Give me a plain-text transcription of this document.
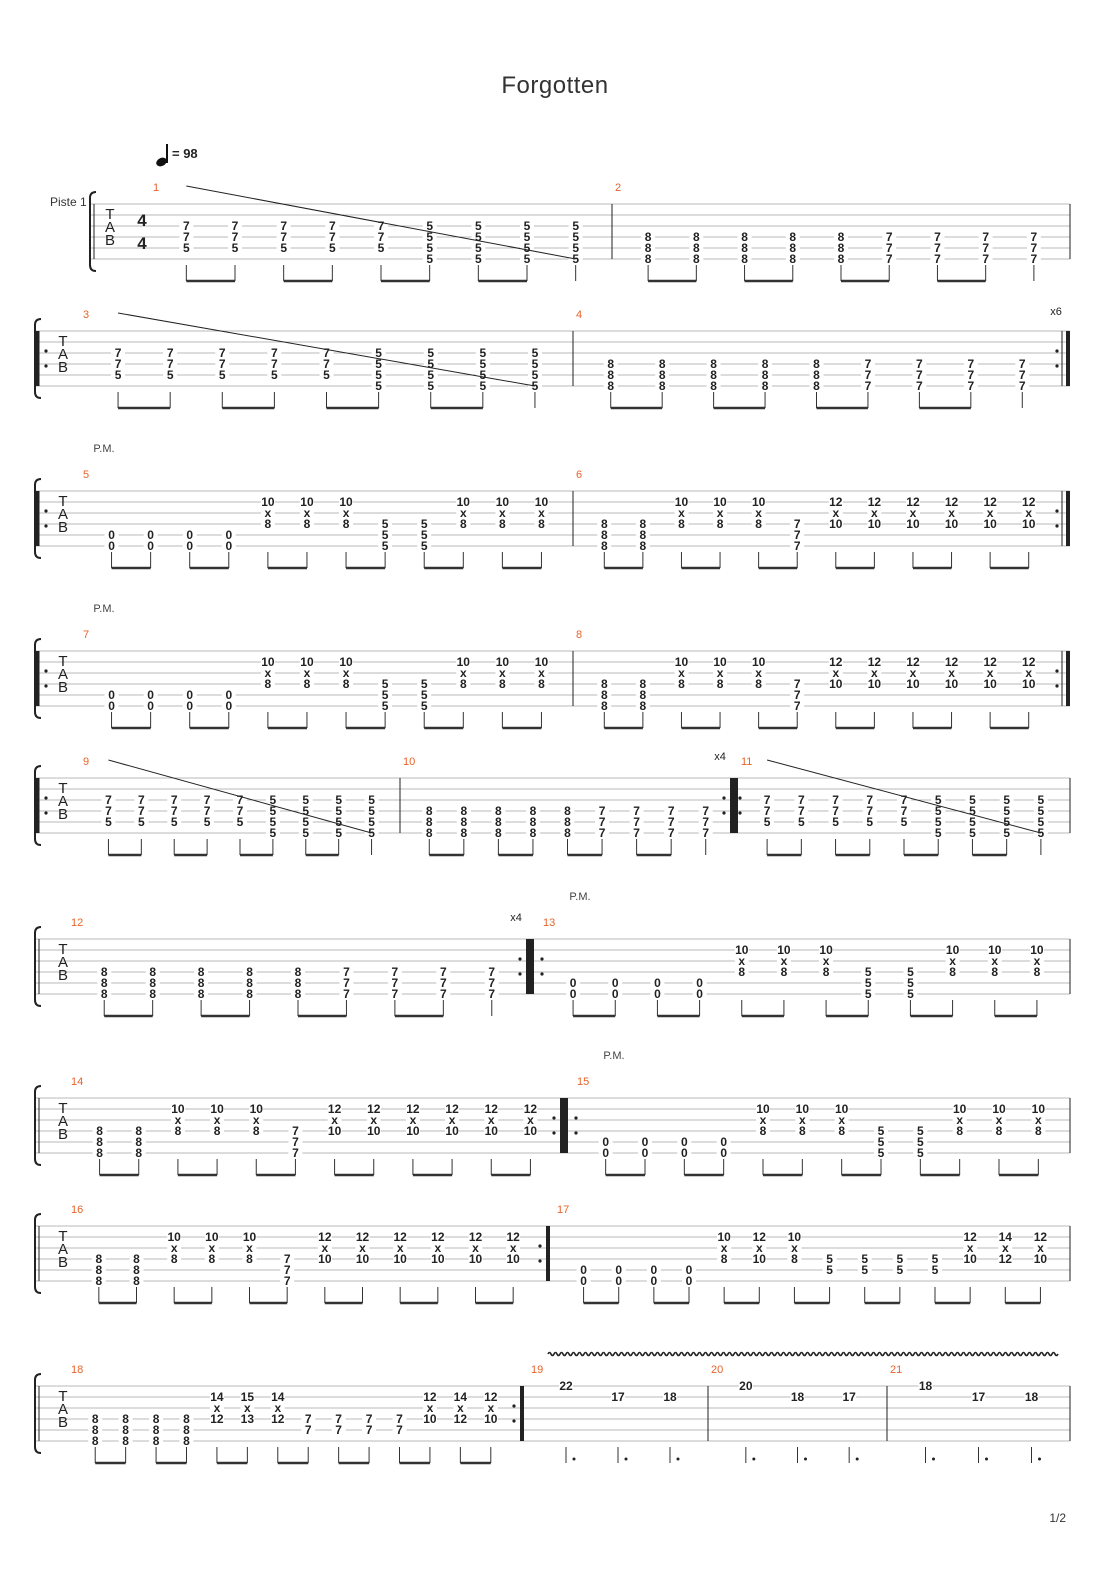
Forgotten
= 98
Piste 1
T
A
B
4
4
1
7
7
5
7
7
5
7
7
5
7
7
5
7
7
5
5
5
5
5
5
5
5
5
5
5
5
5
5
5
5
5
2
8
8
8
8
8
8
8
8
8
8
8
8
8
8
8
7
7
7
7
7
7
7
7
7
7
7
7
T
A
B
x6
3
7
7
5
7
7
5
7
7
5
7
7
5
7
7
5
5
5
5
5
5
5
5
5
5
5
5
5
5
5
5
5
4
8
8
8
8
8
8
8
8
8
8
8
8
8
8
8
7
7
7
7
7
7
7
7
7
7
7
7
T
A
B
P.M.
5
0
0
0
0
0
0
0
0
10
x
8
10
x
8
10
x
8	5
5
5
5
5
5
10
x
8
10
x
8
10
x
8
6
8
8
8
8
8
8
10
x
8
10
x
8
10
x
8	7
7
7
12
x
10
12
x
10
12
x
10
12
x
10
12
x
10
12
x
10
T
A
B
P.M.
7
0
0
0
0
0
0
0
0
10
x
8
10
x
8
10
x
8	5
5
5
5
5
5
10
x
8
10
x
8
10
x
8
8
8
8
8
8
8
8
10
x
8
10
x
8
10
x
8	7
7
7
12
x
10
12
x
10
12
x
10
12
x
10
12
x
10
12
x
10
T
A
B
x4
9
7
7
5
7
7
5
7
7
5
7
7
5
7
7
5
5
5
5
5
5
5
5
5
5
5
5
5
5
5
5
5
10
8
8
8
8
8
8
8
8
8
8
8
8
8
8
8
7
7
7
7
7
7
7
7
7
7
7
7
11
7
7
5
7
7
5
7
7
5
7
7
5
7
7
5
5
5
5
5
5
5
5
5
5
5
5
5
5
5
5
5
T
A
B
x4
P.M.
12
8
8
8
8
8
8
8
8
8
8
8
8
8
8
8
7
7
7
7
7
7
7
7
7
7
7
7
13
0
0
0
0
0
0
0
0
10
x
8
10
x
8
10
x
8	5
5
5
5
5
5
10
x
8
10
x
8
10
x
8
T
A
B
P.M.
14
8
8
8
8
8
8
10
x
8
10
x
8
10
x
8	7
7
7
12
x
10
12
x
10
12
x
10
12
x
10
12
x
10
12
x
10
15
0
0
0
0
0
0
0
0
10
x
8
10
x
8
10
x
8	5
5
5
5
5
5
10
x
8
10
x
8
10
x
8
T
A
B
16
8
8
8
8
8
8
10
x
8
10
x
8
10
x
8	7
7
7
12
x
10
12
x
10
12
x
10
12
x
10
12
x
10
12
x
10
17
0
0
0
0
0
0
0
0
10
x
8
12
x
10
10
x
8 5
5
5
5
5
5
5
5
12
x
10
14
x
12
12
x
10
T
A
B
18
8
8
8
8
8
8
8
8
8
8
8
8
14
x
12
15
x
13
14
x
12 7
7
7
7
7
7
7
7
12
x
10
14
x
12
12
x
10
19
22
17	18
20
20
18	17
21
18
17	18
1/2
